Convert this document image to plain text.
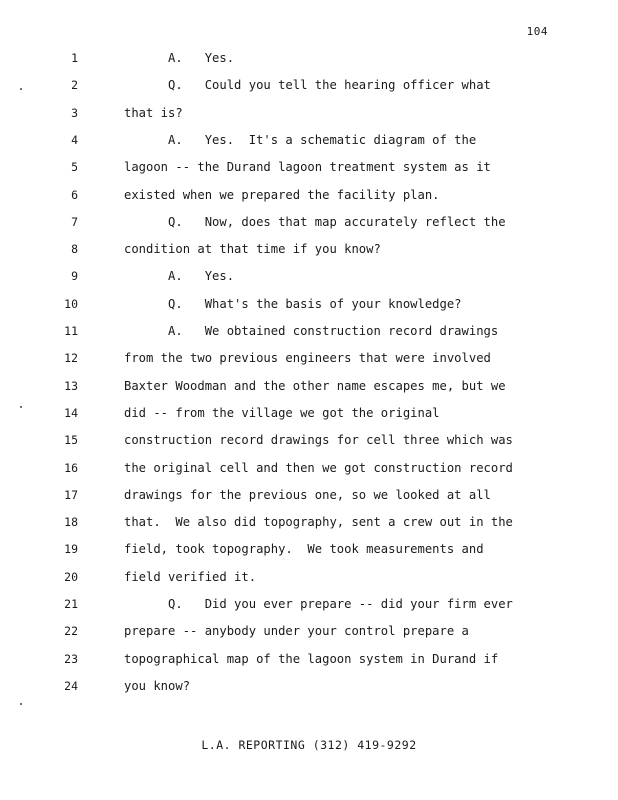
104
1	A.   Yes.
2	Q.   Could you tell the hearing officer what
3	that is?
4	A.   Yes.  It's a schematic diagram of the
5	lagoon -- the Durand lagoon treatment system as it
6	existed when we prepared the facility plan.
7	Q.   Now, does that map accurately reflect the
8	condition at that time if you know?
9	A.   Yes.
10	Q.   What's the basis of your knowledge?
11	A.   We obtained construction record drawings
12	from the two previous engineers that were involved
13	Baxter Woodman and the other name escapes me, but we
14	did -- from the village we got the original
15	construction record drawings for cell three which was
16	the original cell and then we got construction record
17	drawings for the previous one, so we looked at all
18	that.  We also did topography, sent a crew out in the
19	field, took topography.  We took measurements and
20	field verified it.
21	Q.   Did you ever prepare -- did your firm ever
22	prepare -- anybody under your control prepare a
23	topographical map of the lagoon system in Durand if
24	you know?
L.A. REPORTING (312) 419-9292
